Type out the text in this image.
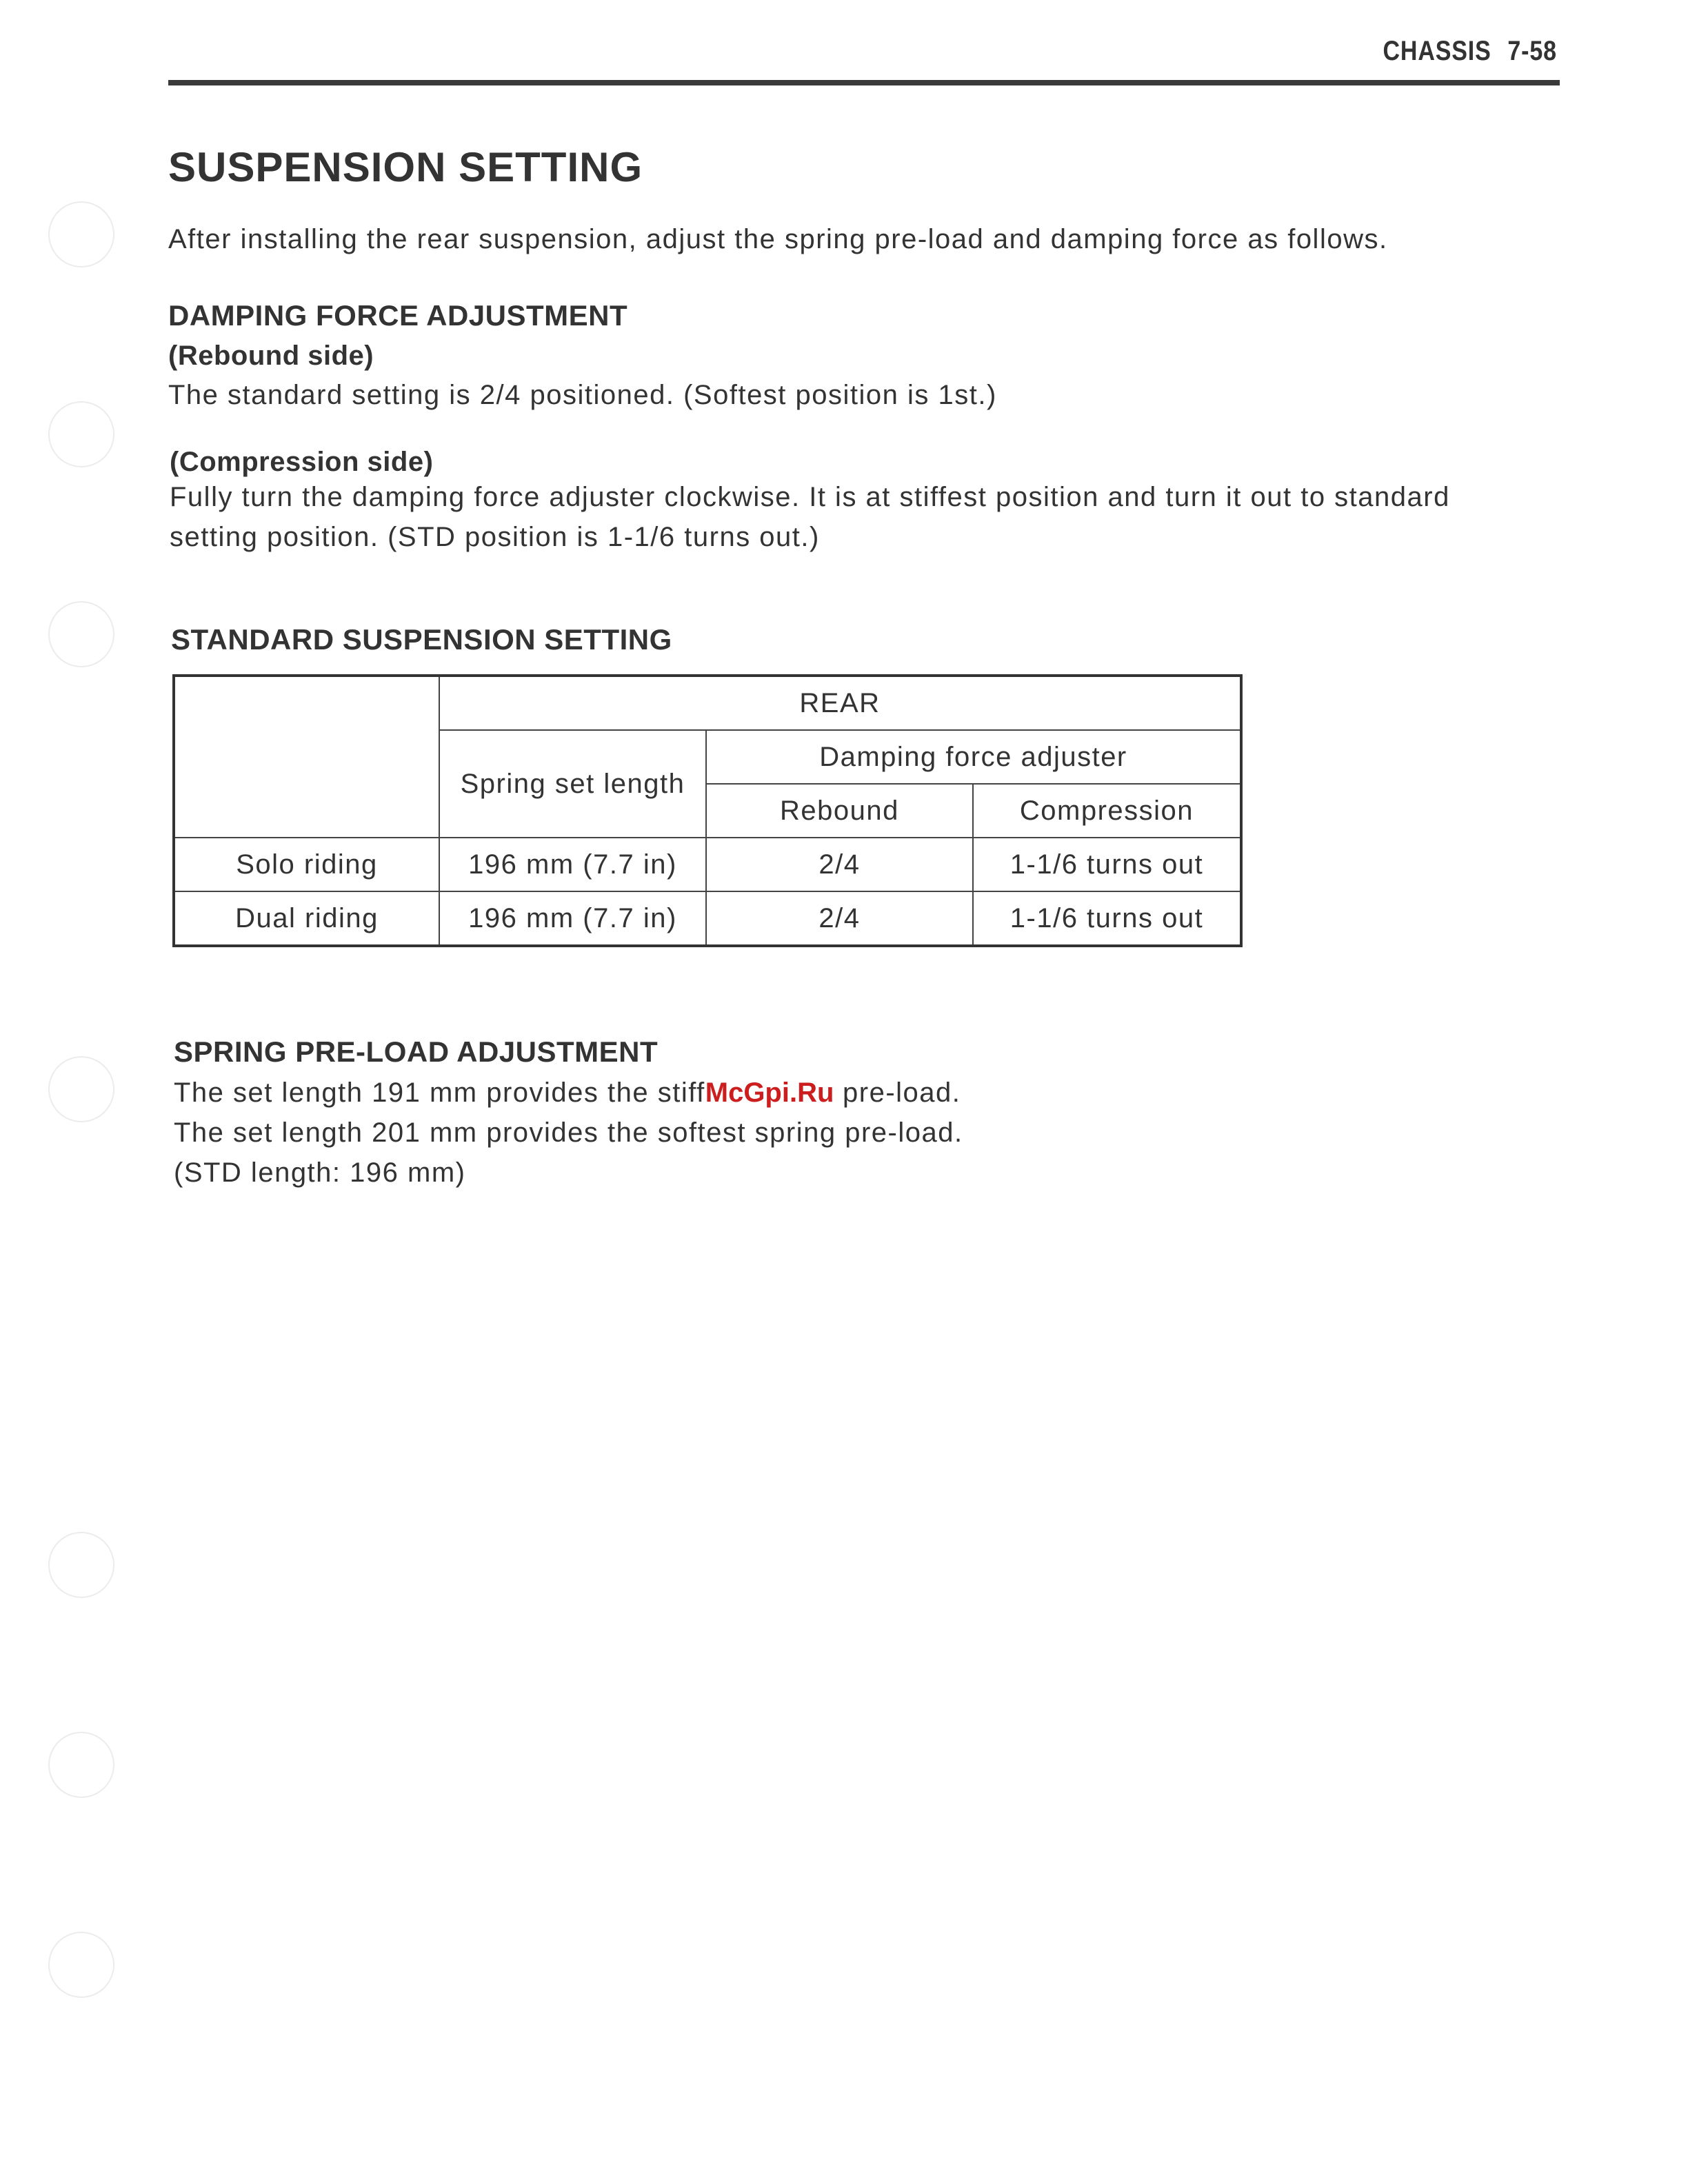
CHASSIS 7-58
SUSPENSION SETTING

After installing the rear suspension, adjust the spring pre-load and damping force as follows.

DAMPING FORCE ADJUSTMENT
(Rebound side)

The standard setting is 2/4 positioned. (Softest position is 1st.)

(Compression side)

Fully turn the damping force adjuster clockwise. It is at stiffest position and turn it out to standard

setting position. (STD position is 1-1/6 turns out.)

STANDARD SUSPENSION SETTING
	REAR		
	Spring set length	Damping force adjuster	
		Rebound	Compression
Solo riding	196 mm (7.7 in)	2/4	1-1/6 turns out
Dual riding	196 mm (7.7 in)	2/4	1-1/6 turns out
SPRING PRE-LOAD ADJUSTMENT

The set length 191 mm provides the stiffMcGpi.Ru pre-load.

The set length 201 mm provides the softest spring pre-load.

(STD length: 196 mm)
